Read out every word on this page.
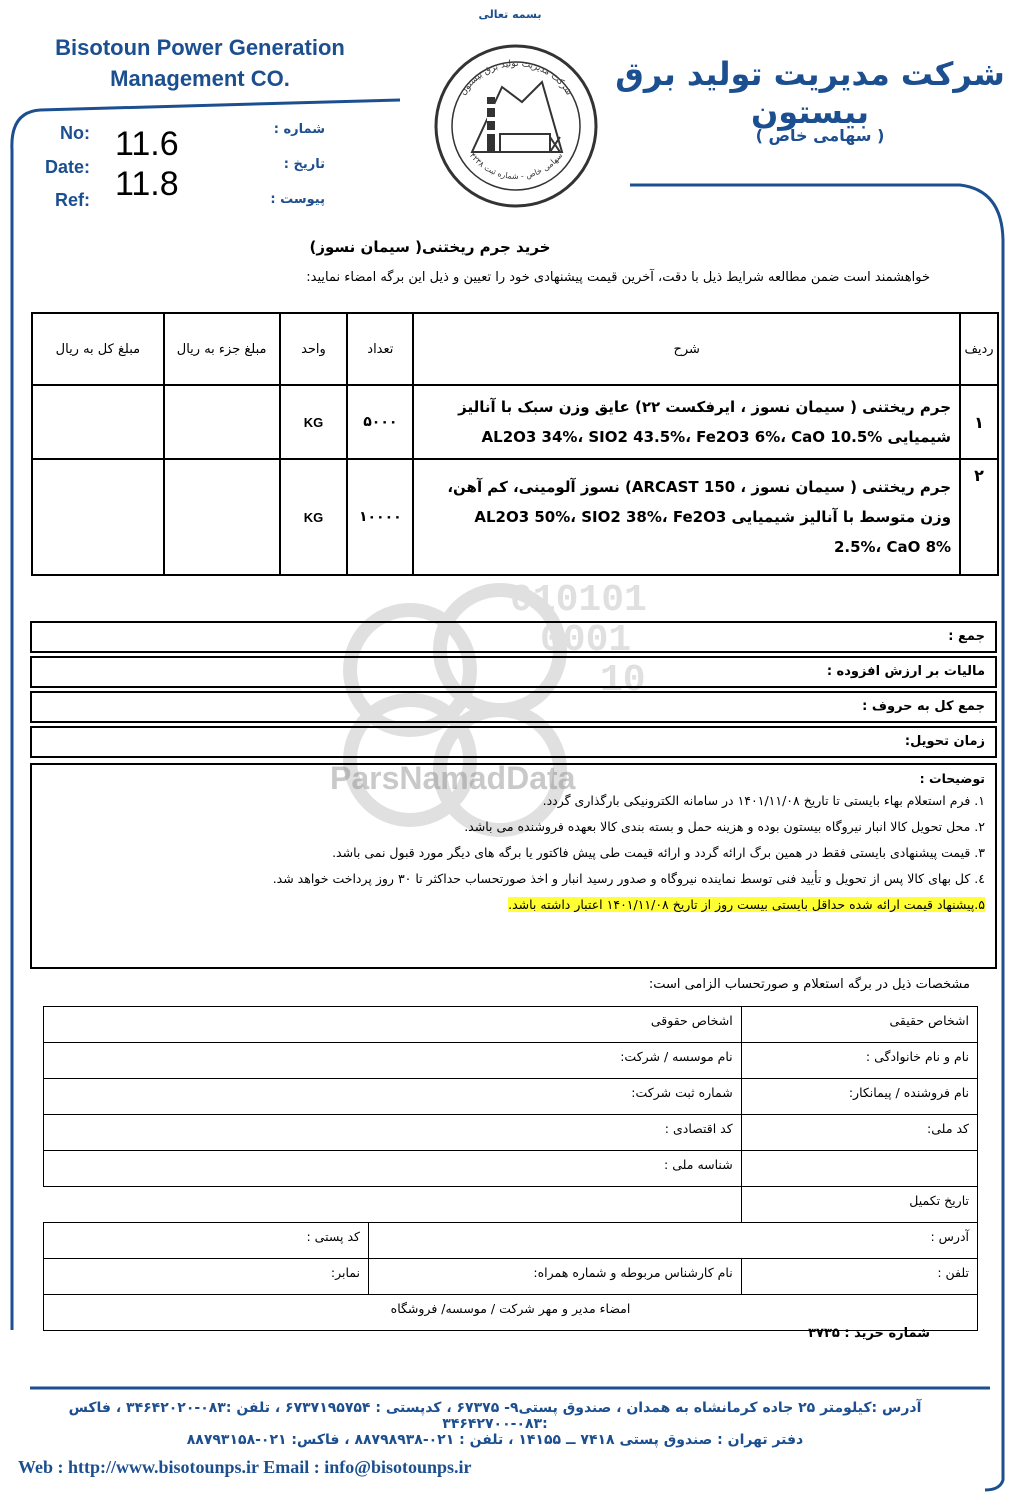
بسمه تعالی
Bisotoun Power Generation Management CO.	شرکت مدیریت تولید برق بیستون
( سهامی خاص )
No:
Date:
Ref:
شماره :
تاریخ :
پیوست :
11.6
11.8
شرکت مدیریت تولید برق بیستون
سهامی خاص - شماره ثبت ۴۲۳۸
خرید جرم ریختنی( سیمان نسوز)
خواهشمند است ضمن مطالعه شرایط ذیل با دقت، آخرین قیمت پیشنهادی خود را تعیین و ذیل این برگه امضاء نمایید:
ردیف	شرح	تعداد	واحد	مبلغ جزء به ریال	مبلغ کل به ریال
۱	جرم ریختنی ( سیمان نسوز ، ایرفکست ۲۲) عایق وزن سبک با آنالیز شیمیایی AL2O3 34%، SIO2 43.5%، Fe2O3 6%، CaO 10.5%	۵۰۰۰	KG		
۲	جرم ریختنی ( سیمان نسوز ، ARCAST 150) نسوز آلومینی، کم آهن، وزن متوسط با آنالیز شیمیایی AL2O3 50%، SIO2 38%، Fe2O3 2.5%، CaO 8%	۱۰۰۰۰	KG		
010101
0001
10
ParsNamadData
جمع :
مالیات بر ارزش افزوده :
جمع کل به حروف :
زمان تحویل:
توضیحات :
۱. فرم استعلام بهاء بایستی تا تاریخ ۱۴۰۱/۱۱/۰۸ در سامانه الکترونیکی بارگذاری گردد.
۲. محل تحویل کالا انبار نیروگاه بیستون بوده و هزینه حمل و بسته بندی کالا بعهده فروشنده می باشد.
۳. قیمت پیشنهادی بایستی فقط در همین برگ ارائه گردد و ارائه قیمت طی پیش فاکتور یا برگه های دیگر مورد قبول نمی باشد.
٤. کل بهای کالا پس از تحویل و تأیید فنی توسط نماینده نیروگاه و صدور رسید انبار و اخذ صورتحساب حداکثر تا ۳۰ روز پرداخت خواهد شد.
۵.پیشنهاد قیمت ارائه شده حداقل بایستی بیست روز از تاریخ ۱۴۰۱/۱۱/۰۸ اعتبار داشته باشد.
مشخصات ذیل در برگه استعلام و صورتحساب الزامی است:
اشخاص حقیقی	اشخاص حقوقی	
نام و نام خانوادگی :	نام موسسه / شرکت:	
نام فروشنده / پیمانکار:	شماره ثبت شرکت:	
کد ملی:	کد اقتصادی :	
	شناسه ملی :	
تاریخ تکمیل		
آدرس :		کد پستی :
تلفن :	نام کارشناس مربوطه و شماره همراه:	نمابر:
امضاء مدیر و مهر شرکت / موسسه/ فروشگاه		
شماره خرید : ۳۷۳۵
آدرس :کیلومتر ۲۵ جاده کرمانشاه به همدان ، صندوق پستی۹- ۶۷۳۷۵ ، کدپستی : ۶۷۳۷۱۹۵۷۵۴ ، تلفن :۰۸۳-۳۴۶۴۲۰۲۰ ، فاکس :۰۸۳-۳۴۶۴۲۷۰۰
دفتر تهران : صندوق پستی ۷۴۱۸ ــ ۱۴۱۵۵ ، تلفن : ۰۲۱-۸۸۷۹۸۹۳۸ ، فاکس: ۰۲۱-۸۸۷۹۳۱۵۸
Web : http://www.bisotounps.ir Email : info@bisotounps.ir
